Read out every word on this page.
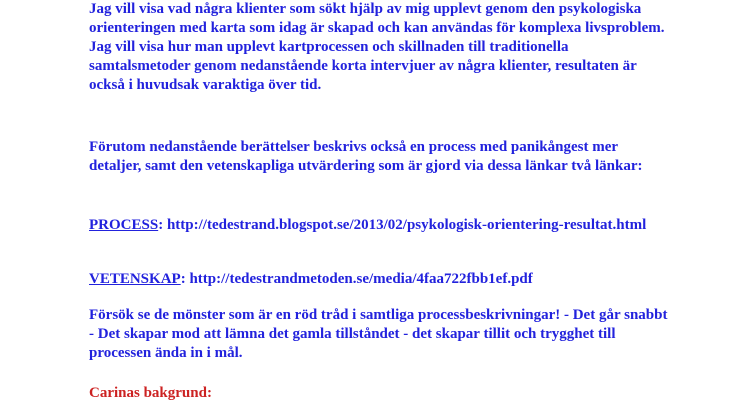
Jag vill visa vad några klienter som sökt hjälp av mig upplevt genom den psykologiska orienteringen med karta som idag är skapad och kan användas för komplexa livsproblem. Jag vill visa hur man upplevt kartprocessen och skillnaden till traditionella samtalsmetoder genom nedanstående korta intervjuer av några klienter, resultaten är också i huvudsak varaktiga över tid.

Förutom nedanstående berättelser beskrivs också en process med panikångest mer detaljer, samt den vetenskapliga utvärdering som är gjord via dessa länkar två länkar:

PROCESS: http://tedestrand.blogspot.se/2013/02/psykologisk-orientering-resultat.html

VETENSKAP: http://tedestrandmetoden.se/media/4faa722fbb1ef.pdf

Försök se de mönster som är en röd tråd i samtliga processbeskrivningar! - Det går snabbt - Det skapar mod att lämna det gamla tillståndet - det skapar tillit och trygghet till processen ända in i mål.

Carinas bakgrund:
